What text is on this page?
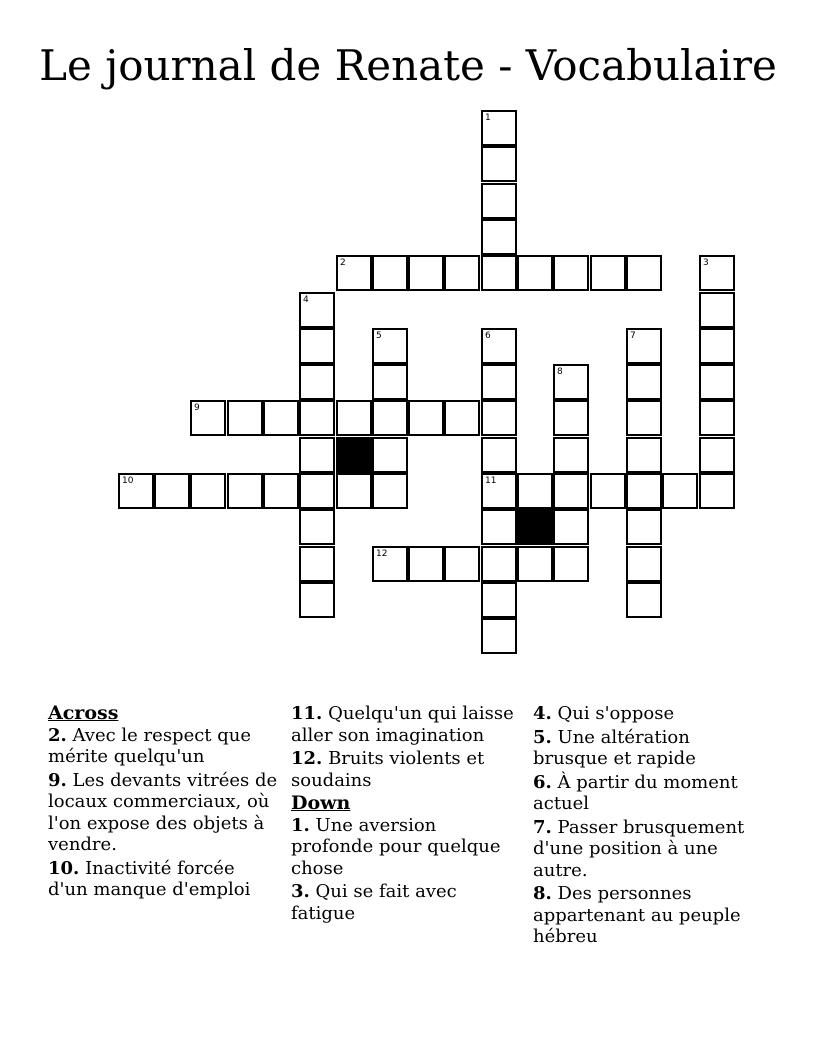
Le journal de Renate - Vocabulaire
1
2	3
4
5	6	7
8
9
10	11
12
Across
2. Avec le respect que mérite quelqu'un
9. Les devants vitrées de locaux commerciaux, où l'on expose des objets à vendre.
10. Inactivité forcée d'un manque d'emploi
11. Quelqu'un qui laisse aller son imagination
12. Bruits violents et soudains
Down
1. Une aversion profonde pour quelque chose
3. Qui se fait avec fatigue
4. Qui s'oppose
5. Une altération brusque et rapide
6. À partir du moment actuel
7. Passer brusquement d'une position à une autre.
8. Des personnes appartenant au peuple hébreu
